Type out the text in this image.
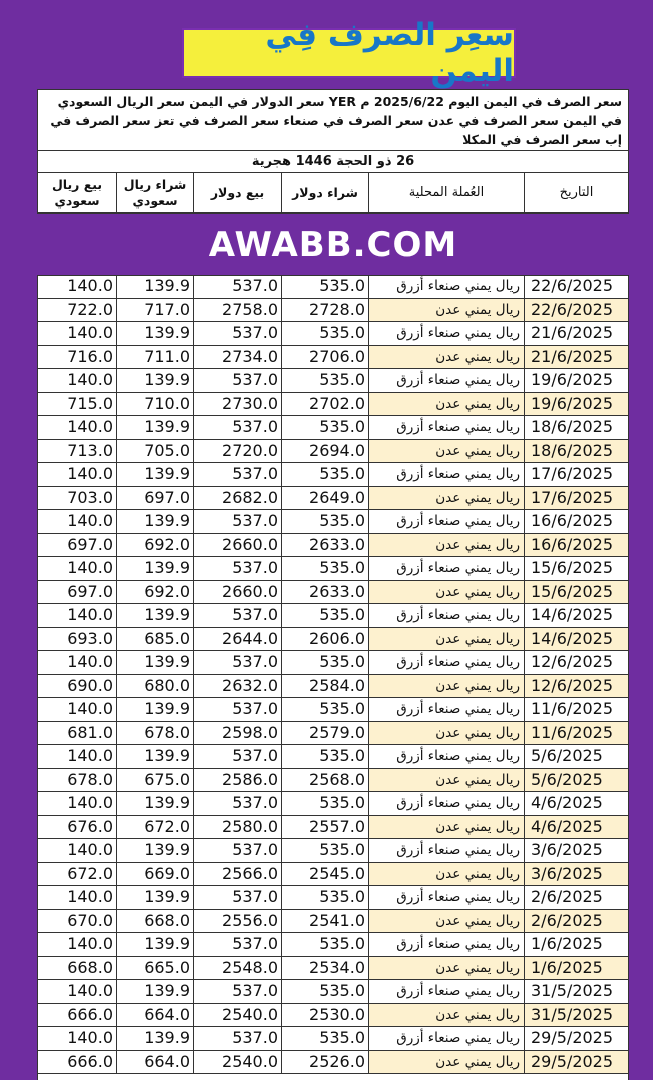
سعِر الصرف فِي اليمن
سعر الصرف في اليمن اليوم 2025/6/22 م YER سعر الدولار في اليمن سعر الريال السعودي في اليمن سعر الصرف في عدن سعر الصرف في صنعاء سعر الصرف في تعز سعر الصرف في إب سعر الصرف في المكلا
26 ذو الحجة 1446 هجرية
التاريخ
العُملة المحلية
شراء دولار
بيع دولار
شراء ريال سعودي
بيع ريال سعودي
AWABB.COM
22/6/2025
ريال يمني صنعاء أزرق
535.0
537.0
139.9
140.0
22/6/2025
ريال يمني عدن
2728.0
2758.0
717.0
722.0
21/6/2025
ريال يمني صنعاء أزرق
535.0
537.0
139.9
140.0
21/6/2025
ريال يمني عدن
2706.0
2734.0
711.0
716.0
19/6/2025
ريال يمني صنعاء أزرق
535.0
537.0
139.9
140.0
19/6/2025
ريال يمني عدن
2702.0
2730.0
710.0
715.0
18/6/2025
ريال يمني صنعاء أزرق
535.0
537.0
139.9
140.0
18/6/2025
ريال يمني عدن
2694.0
2720.0
705.0
713.0
17/6/2025
ريال يمني صنعاء أزرق
535.0
537.0
139.9
140.0
17/6/2025
ريال يمني عدن
2649.0
2682.0
697.0
703.0
16/6/2025
ريال يمني صنعاء أزرق
535.0
537.0
139.9
140.0
16/6/2025
ريال يمني عدن
2633.0
2660.0
692.0
697.0
15/6/2025
ريال يمني صنعاء أزرق
535.0
537.0
139.9
140.0
15/6/2025
ريال يمني عدن
2633.0
2660.0
692.0
697.0
14/6/2025
ريال يمني صنعاء أزرق
535.0
537.0
139.9
140.0
14/6/2025
ريال يمني عدن
2606.0
2644.0
685.0
693.0
12/6/2025
ريال يمني صنعاء أزرق
535.0
537.0
139.9
140.0
12/6/2025
ريال يمني عدن
2584.0
2632.0
680.0
690.0
11/6/2025
ريال يمني صنعاء أزرق
535.0
537.0
139.9
140.0
11/6/2025
ريال يمني عدن
2579.0
2598.0
678.0
681.0
5/6/2025
ريال يمني صنعاء أزرق
535.0
537.0
139.9
140.0
5/6/2025
ريال يمني عدن
2568.0
2586.0
675.0
678.0
4/6/2025
ريال يمني صنعاء أزرق
535.0
537.0
139.9
140.0
4/6/2025
ريال يمني عدن
2557.0
2580.0
672.0
676.0
3/6/2025
ريال يمني صنعاء أزرق
535.0
537.0
139.9
140.0
3/6/2025
ريال يمني عدن
2545.0
2566.0
669.0
672.0
2/6/2025
ريال يمني صنعاء أزرق
535.0
537.0
139.9
140.0
2/6/2025
ريال يمني عدن
2541.0
2556.0
668.0
670.0
1/6/2025
ريال يمني صنعاء أزرق
535.0
537.0
139.9
140.0
1/6/2025
ريال يمني عدن
2534.0
2548.0
665.0
668.0
31/5/2025
ريال يمني صنعاء أزرق
535.0
537.0
139.9
140.0
31/5/2025
ريال يمني عدن
2530.0
2540.0
664.0
666.0
29/5/2025
ريال يمني صنعاء أزرق
535.0
537.0
139.9
140.0
29/5/2025
ريال يمني عدن
2526.0
2540.0
664.0
666.0
